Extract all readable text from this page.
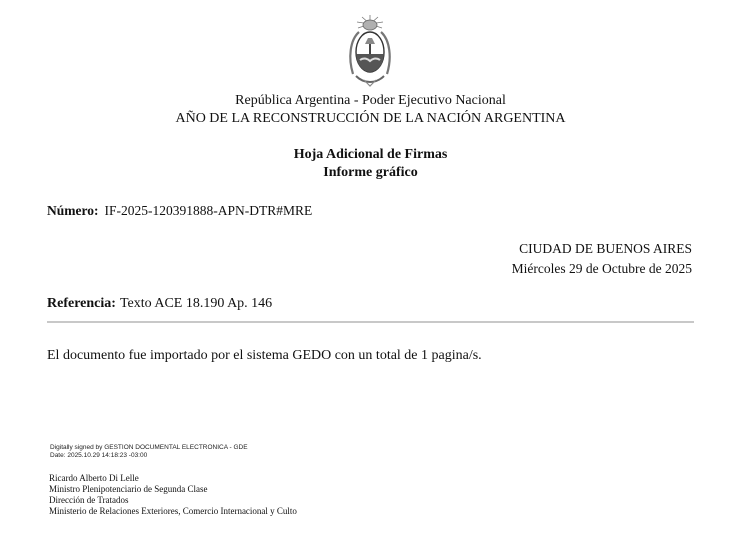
República Argentina - Poder Ejecutivo Nacional
AÑO DE LA RECONSTRUCCIÓN DE LA NACIÓN ARGENTINA
Hoja Adicional de Firmas
Informe gráfico
Número: IF-2025-120391888-APN-DTR#MRE
CIUDAD DE BUENOS AIRES
Miércoles 29 de Octubre de 2025
Referencia: Texto ACE 18.190 Ap. 146
El documento fue importado por el sistema GEDO con un total de 1 pagina/s.
Digitally signed by GESTION DOCUMENTAL ELECTRONICA - GDE
Date: 2025.10.29 14:18:23 -03:00
Ricardo Alberto Di Lelle
Ministro Plenipotenciario de Segunda Clase
Dirección de Tratados
Ministerio de Relaciones Exteriores, Comercio Internacional y Culto
